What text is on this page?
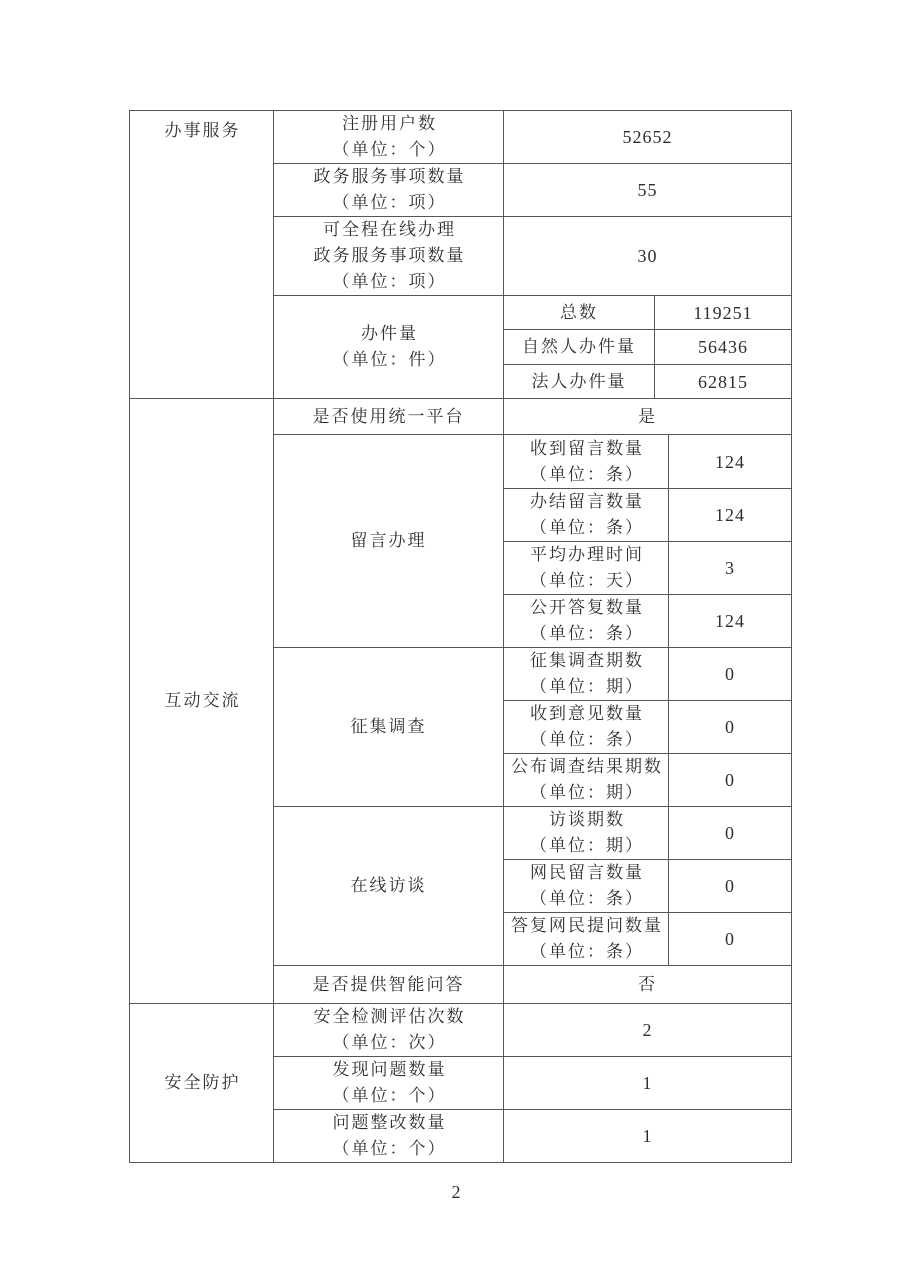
办事服务	注册用户数
（单位：个）	52652		

	政务服务事项数量
（单位：项）	55		

	可全程在线办理
政务服务事项数量
（单位：项）	30		

	办件量
（单位：件）	总数	119251	
		自然人办件量	56436	
		法人办件量	62815	

互动交流	是否使用统一平台	是		
	留言办理	收到留言数量
（单位：条）		124

		办结留言数量
（单位：条）		124

		平均办理时间
（单位：天）		3

		公开答复数量
（单位：条）		124
	征集调查	征集调查期数
（单位：期）		0

		收到意见数量
（单位：条）		0

		公布调查结果期数
（单位：期）		0
	在线访谈	访谈期数
（单位：期）		0

		网民留言数量
（单位：条）		0

		答复网民提问数量
（单位：条）		0
	是否提供智能问答	否		

安全防护	安全检测评估次数
（单位：次）	2		

	发现问题数量
（单位：个）	1		

	问题整改数量
（单位：个）	1		
2
